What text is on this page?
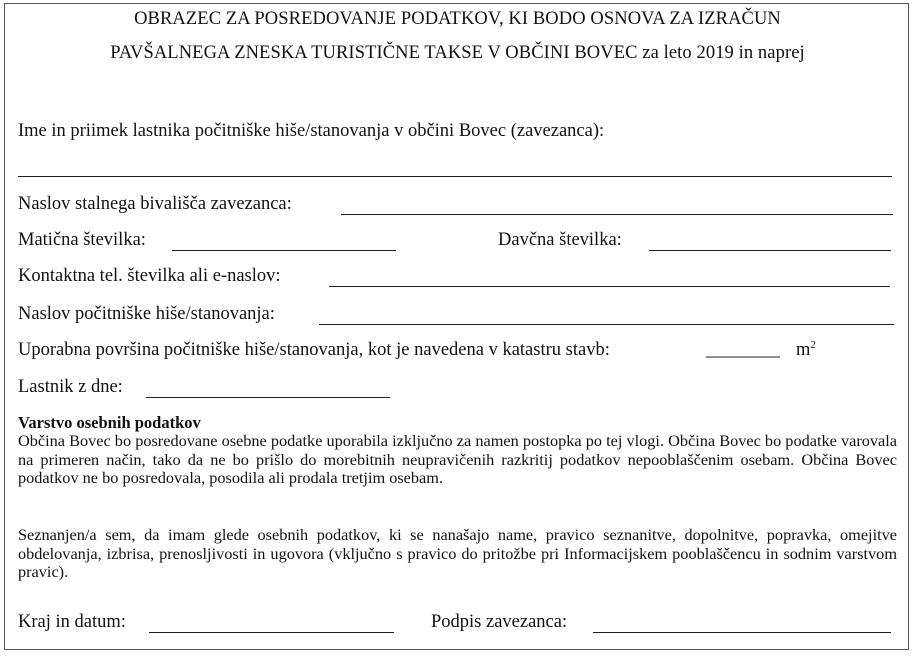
OBRAZEC ZA POSREDOVANJE PODATKOV, KI BODO OSNOVA ZA IZRAČUN
PAVŠALNEGA ZNESKA TURISTIČNE TAKSE V OBČINI BOVEC za leto 2019 in naprej
Ime in priimek lastnika počitniške hiše/stanovanja v občini Bovec (zavezanca):
Naslov stalnega bivališča zavezanca:
Matična številka:	Davčna številka:
Kontaktna tel. številka ali e-naslov:
Naslov počitniške hiše/stanovanja:
Uporabna površina počitniške hiše/stanovanja, kot je navedena v katastru stavb:	________ $m^2$
Lastnik z dne:
Varstvo osebnih podatkov
Občina Bovec bo posredovane osebne podatke uporabila izključno za namen postopka po tej vlogi. Občina Bovec bo podatke varovala na primeren način, tako da ne bo prišlo do morebitnih neupravičenih razkritij podatkov nepooblaščenim osebam. Občina Bovec podatkov ne bo posredovala, posodila ali prodala tretjim osebam.
Seznanjen/a sem, da imam glede osebnih podatkov, ki se nanašajo name, pravico seznanitve, dopolnitve, popravka, omejitve obdelovanja, izbrisa, prenosljivosti in ugovora (vključno s pravico do pritožbe pri Informacijskem pooblaščencu in sodnim varstvom pravic).
Kraj in datum:	Podpis zavezanca:
